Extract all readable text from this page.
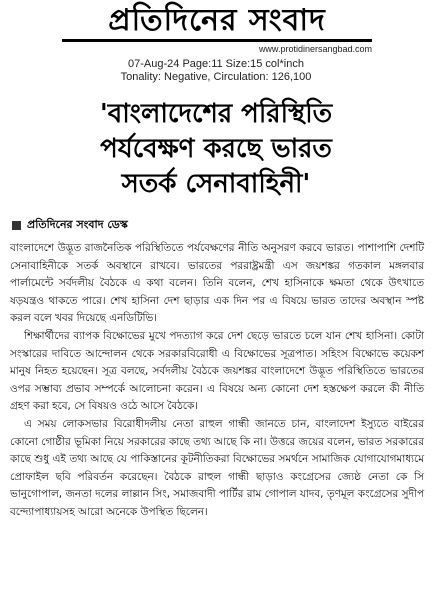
প্রতিদিনের সংবাদ
www.protidinersangbad.com
07-Aug-24 Page:11 Size:15 col*inch
Tonality: Negative, Circulation: 126,100
'বাংলাদেশের পরিস্থিতি
পর্যবেক্ষণ করছে ভারত
সতর্ক সেনাবাহিনী'
প্রতিদিনের সংবাদ ডেস্ক

বাংলাদেশে উদ্ভূত রাজনৈতিক পরিস্থিতিতে পর্যবেক্ষণের নীতি অনুসরণ করবে ভারত। পাশাপাশি দেশটি সেনাবাহিনীকে সতর্ক অবস্থানে রাখবে। ভারতের পররাষ্ট্রমন্ত্রী এস জয়শঙ্কর গতকাল মঙ্গলবার পার্লামেন্টে সর্বদলীয় বৈঠকে এ কথা বলেন। তিনি বলেন, শেখ হাসিনাকে ক্ষমতা থেকে উৎখাতে ষড়যন্ত্রও থাকতে পারে। শেখ হাসিনা দেশ ছাড়ার এক দিন পর এ বিষয়ে ভারত তাদের অবস্থান স্পষ্ট করল বলে খবর দিয়েছে এনডিটিভি।

শিক্ষার্থীদের ব্যাপক বিক্ষোভের মুখে পদত্যাগ করে দেশ ছেড়ে ভারতে চলে যান শেখ হাসিনা। কোটা সংস্কারের দাবিতে আন্দোলন থেকে সরকারবিরোধী এ বিক্ষোভের সূত্রপাত। সহিংস বিক্ষোভে কয়েকশ মানুষ নিহত হয়েছেন। সূত্র বলছে, সর্বদলীয় বৈঠকে জয়শঙ্কর বাংলাদেশে উদ্ভূত পরিস্থিতিতে ভারতের ওপর সম্ভাব্য প্রভাব সম্পর্কে আলোচনা করেন। এ বিষয়ে অন্য কোনো দেশ হস্তক্ষেপ করলে কী নীতি গ্রহণ করা হবে, সে বিষয়ও ওঠে আসে বৈঠকে।

এ সময় লোকসভার বিরোধীদলীয় নেতা রাহুল গান্ধী জানতে চান, বাংলাদেশ ইস্যুতে বাইরের কোনো গোষ্ঠীর ভূমিকা নিয়ে সরকারের কাছে তথ্য আছে কি না। উত্তরে জয়ের বলেন, ভারত সরকারের কাছে শুধু এই তথ্য আছে যে পাকিস্তানের কূটনীতিকরা বিক্ষোভের সমর্থনে সামাজিক যোগাযোগমাধ্যমে প্রোফাইল ছবি পরিবর্তন করেছেন। বৈঠকে রাহুল গান্ধী ছাড়াও কংগ্রেসের জ্যেষ্ঠ নেতা কে সি ভানুগোপাল, জনতা দলের লাল্লান সিং, সমাজবাদী পার্টির রাম গোপাল যাদব, তৃণমূল কংগ্রেসের সুদীপ বন্দ্যোপাধ্যায়সহ আরো অনেকে উপস্থিত ছিলেন।
